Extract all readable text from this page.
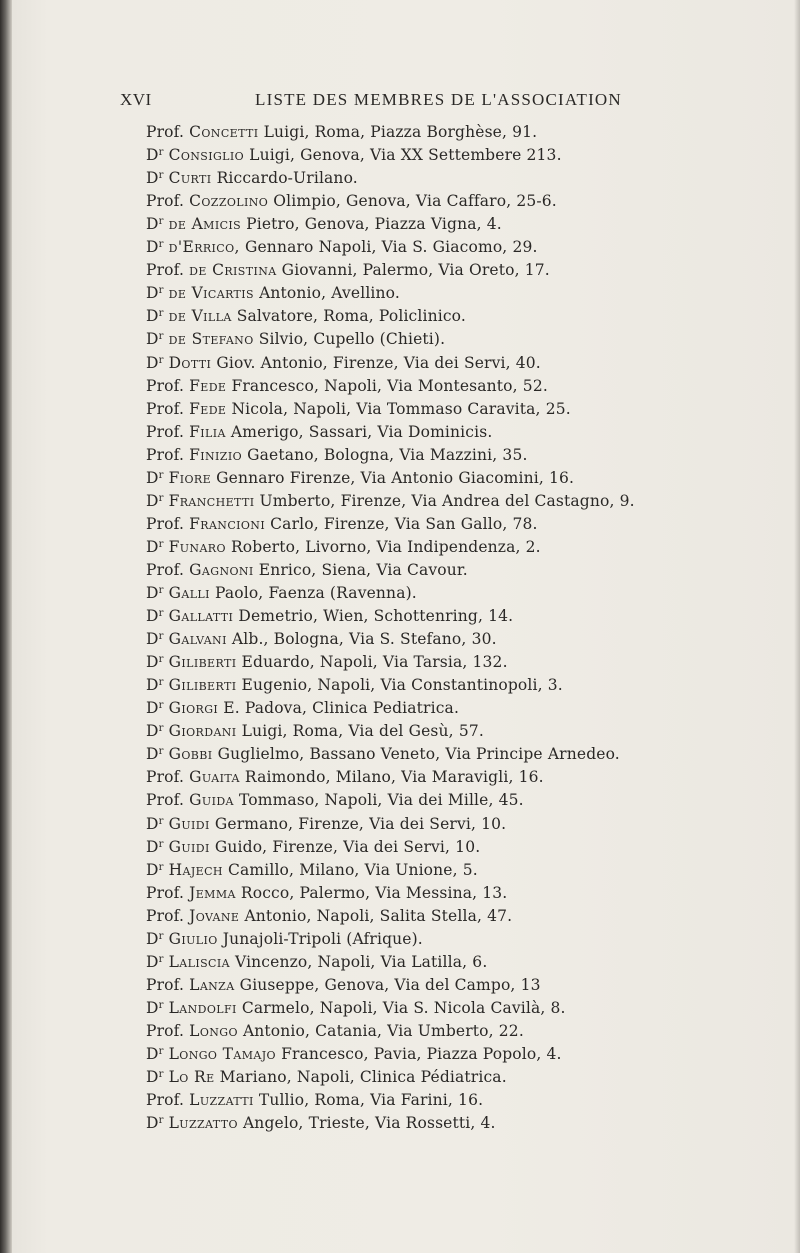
XVI	LISTE DES MEMBRES DE L'ASSOCIATION
Prof. Concetti Luigi, Roma, Piazza Borghèse, 91.
$D^r$ Consiglio Luigi, Genova, Via XX Settembere 213.
$D^r$ Curti Riccardo-Urilano.
Prof. Cozzolino Olimpio, Genova, Via Caffaro, 25-6.
$D^r$ de Amicis Pietro, Genova, Piazza Vigna, 4.
$D^r$ d'Errico, Gennaro Napoli, Via S. Giacomo, 29.
Prof. de Cristina Giovanni, Palermo, Via Oreto, 17.
$D^r$ de Vicartis Antonio, Avellino.
$D^r$ de Villa Salvatore, Roma, Policlinico.
$D^r$ de Stefano Silvio, Cupello (Chieti).
$D^r$ Dotti Giov. Antonio, Firenze, Via dei Servi, 40.
Prof. Fede Francesco, Napoli, Via Montesanto, 52.
Prof. Fede Nicola, Napoli, Via Tommaso Caravita, 25.
Prof. Filia Amerigo, Sassari, Via Dominicis.
Prof. Finizio Gaetano, Bologna, Via Mazzini, 35.
$D^r$ Fiore Gennaro Firenze, Via Antonio Giacomini, 16.
$D^r$ Franchetti Umberto, Firenze, Via Andrea del Castagno, 9.
Prof. Francioni Carlo, Firenze, Via San Gallo, 78.
$D^r$ Funaro Roberto, Livorno, Via Indipendenza, 2.
Prof. Gagnoni Enrico, Siena, Via Cavour.
$D^r$ Galli Paolo, Faenza (Ravenna).
$D^r$ Gallatti Demetrio, Wien, Schottenring, 14.
$D^r$ Galvani Alb., Bologna, Via S. Stefano, 30.
$D^r$ Giliberti Eduardo, Napoli, Via Tarsia, 132.
$D^r$ Giliberti Eugenio, Napoli, Via Constantinopoli, 3.
$D^r$ Giorgi E. Padova, Clinica Pediatrica.
$D^r$ Giordani Luigi, Roma, Via del Gesù, 57.
$D^r$ Gobbi Guglielmo, Bassano Veneto, Via Principe Arnedeo.
Prof. Guaita Raimondo, Milano, Via Maravigli, 16.
Prof. Guida Tommaso, Napoli, Via dei Mille, 45.
$D^r$ Guidi Germano, Firenze, Via dei Servi, 10.
$D^r$ Guidi Guido, Firenze, Via dei Servi, 10.
$D^r$ Hajech Camillo, Milano, Via Unione, 5.
Prof. Jemma Rocco, Palermo, Via Messina, 13.
Prof. Jovane Antonio, Napoli, Salita Stella, 47.
$D^r$ Giulio Junajoli-Tripoli (Afrique).
$D^r$ Laliscia Vincenzo, Napoli, Via Latilla, 6.
Prof. Lanza Giuseppe, Genova, Via del Campo, 13
$D^r$ Landolfi Carmelo, Napoli, Via S. Nicola Cavilà, 8.
Prof. Longo Antonio, Catania, Via Umberto, 22.
$D^r$ Longo Tamajo Francesco, Pavia, Piazza Popolo, 4.
$D^r$ Lo Re Mariano, Napoli, Clinica Pédiatrica.
Prof. Luzzatti Tullio, Roma, Via Farini, 16.
$D^r$ Luzzatto Angelo, Trieste, Via Rossetti, 4.
